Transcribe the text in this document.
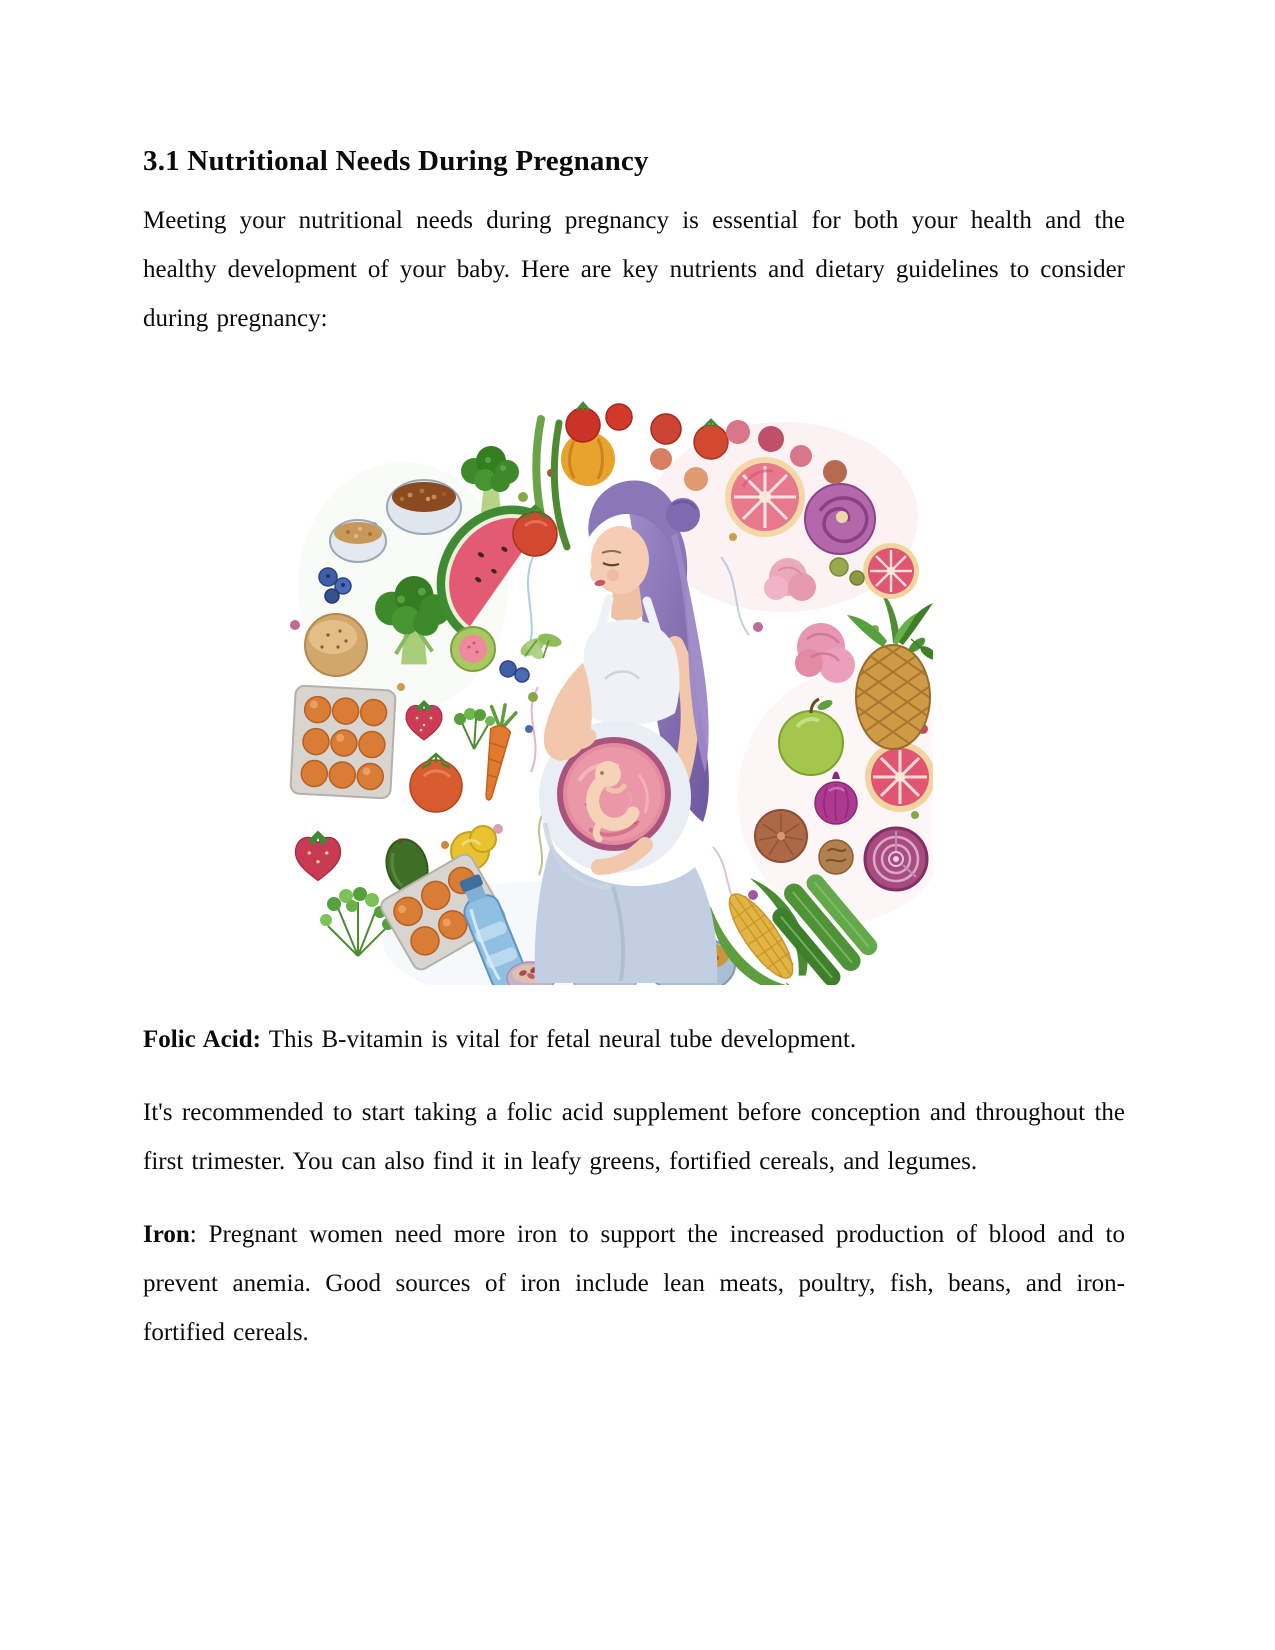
3.1 Nutritional Needs During Pregnancy

Meeting your nutritional needs during pregnancy is essential for both your health and the healthy development of your baby. Here are key nutrients and dietary guidelines to consider during pregnancy:

Folic Acid: This B-vitamin is vital for fetal neural tube development.

It's recommended to start taking a folic acid supplement before conception and throughout the first trimester. You can also find it in leafy greens, fortified cereals, and legumes.

Iron: Pregnant women need more iron to support the increased production of blood and to prevent anemia. Good sources of iron include lean meats, poultry, fish, beans, and iron-fortified cereals.
